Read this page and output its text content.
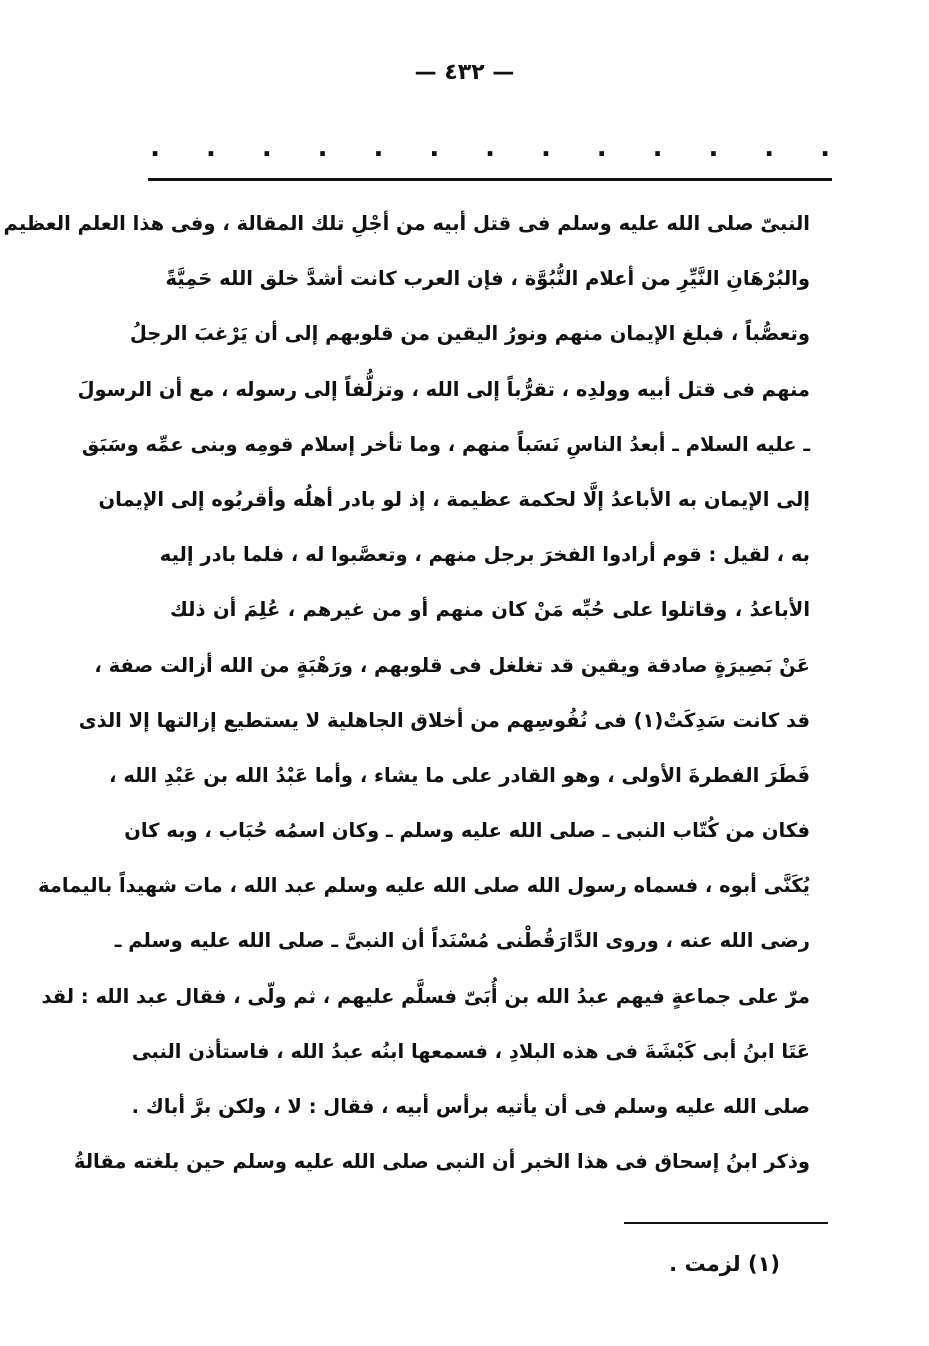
— ٤٣٢ —
.
.
.
.
.
.
.
.
.
.
.
.
.
النبىّ صلى الله عليه وسلم فى قتل أبيه من أجْلِ تلك المقالة ، وفى هذا العلم العظيم
والبُرْهَانِ النَّيِّرِ من أعلام النُّبُوَّة ، فإن العرب كانت أشدَّ خلق الله حَمِيَّةً
وتعصُّباً ، فبلغ الإيمان منهم ونورُ اليقين من قلوبهم إلى أن يَرْغبَ الرجلُ
منهم فى قتل أبيه وولدِه ، تقرُّباً إلى الله ، وتزلُّفاً إلى رسوله ، مع أن الرسولَ
ـ عليه السلام ـ أبعدُ الناسِ نَسَباً منهم ، وما تأخر إسلام قومِه وبنى عمِّه وسَبَق
إلى الإيمان به الأباعدُ إلَّا لحكمة عظيمة ، إذ لو بادر أهلُه وأقربُوه إلى الإيمان
به ، لقيل : قوم أرادوا الفخرَ برجل منهم ، وتعصَّبوا له ، فلما بادر إليه
الأباعدُ ، وقاتلوا على حُبِّه مَنْ كان منهم أو من غيرهم ، عُلِمَ أن ذلك
عَنْ بَصِيرَةٍ صادقة ويقين قد تغلغل فى قلوبهم ، ورَهْبَةٍ من الله أزالت صفة ،
قد كانت سَدِكَتْ(١) فى نُفُوسِهم من أخلاق الجاهلية لا يستطيع إزالتها إلا الذى
فَطَرَ الفطرةَ الأولى ، وهو القادر على ما يشاء ، وأما عَبْدُ الله بن عَبْدِ الله ،
فكان من كُتّاب النبى ـ صلى الله عليه وسلم ـ وكان اسمُه حُبَاب ، وبه كان
يُكَنَّى أبوه ، فسماه رسول الله صلى الله عليه وسلم عبد الله ، مات شهيداً باليمامة
رضى الله عنه ، وروى الدَّارَقُطْنى مُسْنَداً أن النبىَّ ـ صلى الله عليه وسلم ـ
مرّ على جماعةٍ فيهم عبدُ الله بن أُبَىّ فسلَّم عليهم ، ثم ولّى ، فقال عبد الله : لقد
عَتَا ابنُ أبى كَبْشَةَ فى هذه البلادِ ، فسمعها ابنُه عبدُ الله ، فاستأذن النبى
صلى الله عليه وسلم فى أن يأتيه برأس أبيه ، فقال : لا ، ولكن برَّ أباك .
وذكر ابنُ إسحاق فى هذا الخبر أن النبى صلى الله عليه وسلم حين بلغته مقالةُ
(١) لزمت .
